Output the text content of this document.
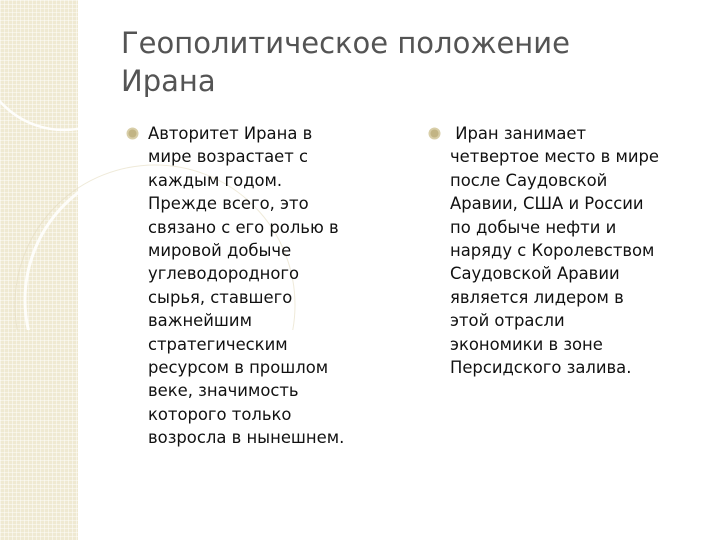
Геополитическое положение
Ирана
Авторитет Ирана в
мире возрастает с
каждым годом.
Прежде всего, это
связано с его ролью в
мировой добыче
углеводородного
сырья, ставшего
важнейшим
стратегическим
ресурсом в прошлом
веке, значимость
которого только
возросла в нынешнем.
Иран занимает
четвертое место в мире
после Саудовской
Аравии, США и России
по добыче нефти и
наряду с Королевством
Саудовской Аравии
является лидером в
этой отрасли
экономики в зоне
Персидского залива.
